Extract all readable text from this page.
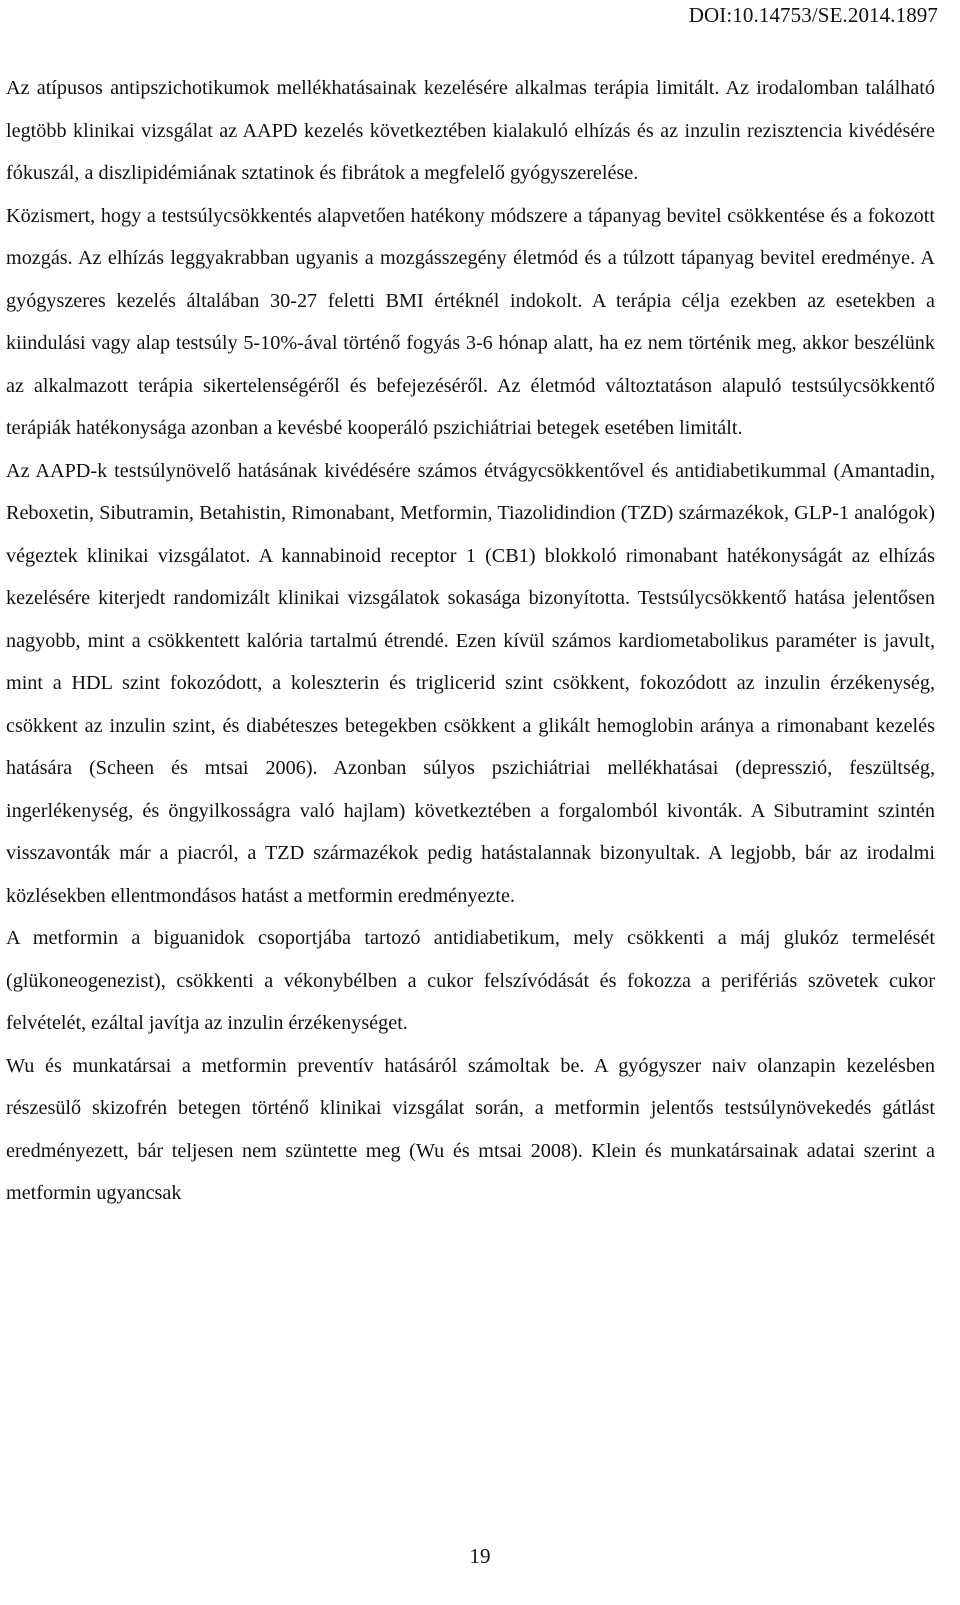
DOI:10.14753/SE.2014.1897

Az atípusos antipszichotikumok mellékhatásainak kezelésére alkalmas terápia limitált. Az irodalomban található legtöbb klinikai vizsgálat az AAPD kezelés következtében kialakuló elhízás és az inzulin rezisztencia kivédésére fókuszál, a diszlipidémiának sztatinok és fibrátok a megfelelő gyógyszerelése.

Közismert, hogy a testsúlycsökkentés alapvetően hatékony módszere a tápanyag bevitel csökkentése és a fokozott mozgás. Az elhízás leggyakrabban ugyanis a mozgásszegény életmód és a túlzott tápanyag bevitel eredménye. A gyógyszeres kezelés általában 30-27 feletti BMI értéknél indokolt. A terápia célja ezekben az esetekben a kiindulási vagy alap testsúly 5-10%-ával történő fogyás 3-6 hónap alatt, ha ez nem történik meg, akkor beszélünk az alkalmazott terápia sikertelenségéről és befejezéséről. Az életmód változtatáson alapuló testsúlycsökkentő terápiák hatékonysága azonban a kevésbé kooperáló pszichiátriai betegek esetében limitált.

Az AAPD-k testsúlynövelő hatásának kivédésére számos étvágycsökkentővel és antidiabetikummal (Amantadin, Reboxetin, Sibutramin, Betahistin, Rimonabant, Metformin, Tiazolidindion (TZD) származékok, GLP-1 analógok) végeztek klinikai vizsgálatot. A kannabinoid receptor 1 (CB1) blokkoló rimonabant hatékonyságát az elhízás kezelésére kiterjedt randomizált klinikai vizsgálatok sokasága bizonyította. Testsúlycsökkentő hatása jelentősen nagyobb, mint a csökkentett kalória tartalmú étrendé. Ezen kívül számos kardiometabolikus paraméter is javult, mint a HDL szint fokozódott, a koleszterin és triglicerid szint csökkent, fokozódott az inzulin érzékenység, csökkent az inzulin szint, és diabéteszes betegekben csökkent a glikált hemoglobin aránya a rimonabant kezelés hatására (Scheen és mtsai 2006). Azonban súlyos pszichiátriai mellékhatásai (depresszió, feszültség, ingerlékenység, és öngyilkosságra való hajlam) következtében a forgalomból kivonták. A Sibutramint szintén visszavonták már a piacról, a TZD származékok pedig hatástalannak bizonyultak. A legjobb, bár az irodalmi közlésekben ellentmondásos hatást a metformin eredményezte.

A metformin a biguanidok csoportjába tartozó antidiabetikum, mely csökkenti a máj glukóz termelését (glükoneogenezist), csökkenti a vékonybélben a cukor felszívódását és fokozza a perifériás szövetek cukor felvételét, ezáltal javítja az inzulin érzékenységet.

Wu és munkatársai a metformin preventív hatásáról számoltak be. A gyógyszer naiv olanzapin kezelésben részesülő skizofrén betegen történő klinikai vizsgálat során, a metformin jelentős testsúlynövekedés gátlást eredményezett, bár teljesen nem szüntette meg (Wu és mtsai 2008). Klein és munkatársainak adatai szerint a metformin ugyancsak

19
